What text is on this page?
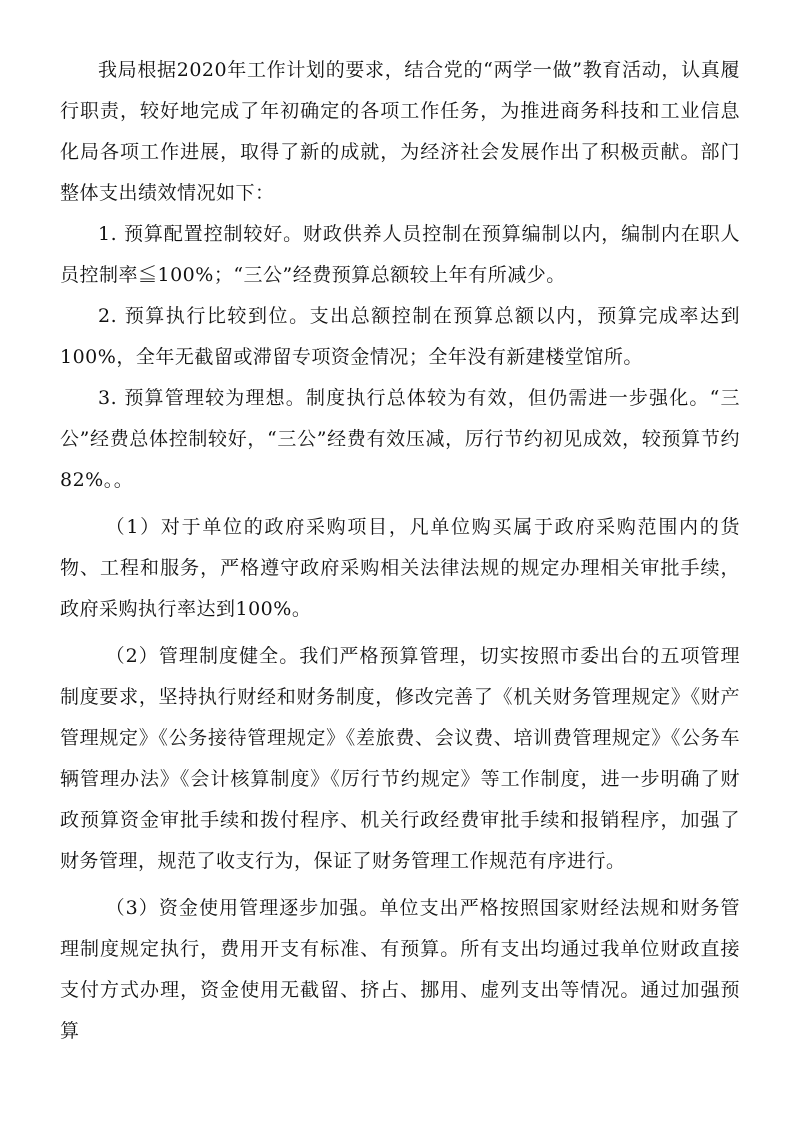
我局根据2020年工作计划的要求，结合党的“两学一做”教育活动，认真履行职责，较好地完成了年初确定的各项工作任务，为推进商务科技和工业信息化局各项工作进展，取得了新的成就，为经济社会发展作出了积极贡献。部门整体支出绩效情况如下：

1. 预算配置控制较好。财政供养人员控制在预算编制以内，编制内在职人员控制率≦100%；“三公”经费预算总额较上年有所减少。

2. 预算执行比较到位。支出总额控制在预算总额以内，预算完成率达到100%，全年无截留或滞留专项资金情况；全年没有新建楼堂馆所。

3. 预算管理较为理想。制度执行总体较为有效，但仍需进一步强化。“三公”经费总体控制较好，“三公”经费有效压减，厉行节约初见成效，较预算节约82%。。

（1）对于单位的政府采购项目，凡单位购买属于政府采购范围内的货物、工程和服务，严格遵守政府采购相关法律法规的规定办理相关审批手续，政府采购执行率达到100%。

（2）管理制度健全。我们严格预算管理，切实按照市委出台的五项管理制度要求，坚持执行财经和财务制度，修改完善了《机关财务管理规定》《财产管理规定》《公务接待管理规定》《差旅费、会议费、培训费管理规定》《公务车辆管理办法》《会计核算制度》《厉行节约规定》等工作制度，进一步明确了财政预算资金审批手续和拨付程序、机关行政经费审批手续和报销程序，加强了财务管理，规范了收支行为，保证了财务管理工作规范有序进行。

（3）资金使用管理逐步加强。单位支出严格按照国家财经法规和财务管理制度规定执行，费用开支有标准、有预算。所有支出均通过我单位财政直接支付方式办理，资金使用无截留、挤占、挪用、虚列支出等情况。通过加强预算
